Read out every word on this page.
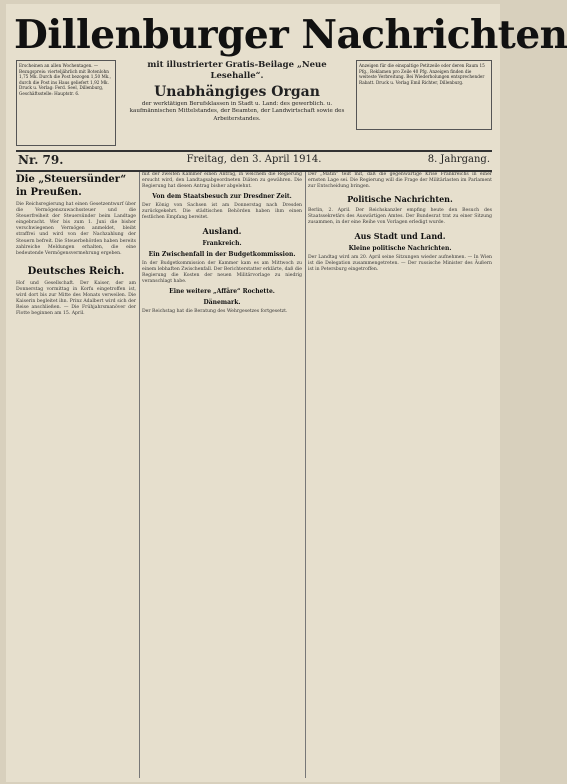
Dillenburger Nachrichten
Erscheinen an allen Wochentagen. — Bezugspreis: vierteljährlich mit Botenlohn 1,75 Mk. Durch die Post bezogen 1,50 Mk., durch die Post ins Haus geliefert 1,92 Mk. Druck u. Verlag: Ferd. Seel, Dillenburg, Geschäftsstelle: Hauptstr. 6.
mit illustrierter Gratis-Beilage „Neue Lesehalle“.
Unabhängiges Organ
der werktätigen Berufsklassen in Stadt u. Land: des gewerblich. u. kaufmännischen Mittelstandes, der Beamten, der Landwirtschaft sowie des Arbeiterstandes.
Anzeigen für die einspaltige Petitzeile oder deren Raum 15 Pfg., Reklamen pro Zeile 40 Pfg. Anzeigen finden die weiteste Verbreitung. Bei Wiederholungen entsprechender Rabatt. Druck u. Verlag Emil Richter, Dillenburg.
Freitag, den 3. April 1914.
Nr. 79.	8. Jahrgang.
Die „Steuersünder“ in Preußen.
Die Reichsregierung hat einen Gesetzentwurf über die Vermögenszuwachssteuer und die Steuerfreiheit der Steuersünder beim Landtage eingebracht. Wer bis zum 1. Juni die bisher verschwiegenen Vermögen anmeldet, bleibt straffrei und wird von der Nachzahlung der Steuern befreit. Die Steuerbehörden haben bereits zahlreiche Meldungen erhalten, die eine bedeutende Vermögensvermehrung ergeben.
Deutsches Reich.
Hof und Gesellschaft. Der Kaiser, der am Donnerstag vormittag in Korfu eingetroffen ist, wird dort bis zur Mitte des Monats verweilen. Die Kaiserin begleitet ihn. Prinz Adalbert wird sich der Reise anschließen. — Die Frühjahrsmanöver der Flotte beginnen am 15. April.
mit der zweiten Kammer einen Antrag, in welchem die Regierung ersucht wird, den Landtagsabgeordneten Diäten zu gewähren. Die Regierung hat diesen Antrag bisher abgelehnt.
Von dem Staatsbesuch zur Dresdner Zeit.
Der König von Sachsen ist am Donnerstag nach Dresden zurückgekehrt. Die städtischen Behörden haben ihm einen festlichen Empfang bereitet.
Ausland.
Frankreich.
Ein Zwischenfall in der Budgetkommission.
In der Budgetkommission der Kammer kam es am Mittwoch zu einem lebhaften Zwischenfall. Der Berichterstatter erklärte, daß die Regierung die Kosten der neuen Militärvorlage zu niedrig veranschlagt habe.
Eine weitere „Affäre“ Rochette.
Dänemark.
Der Reichstag hat die Beratung des Wehrgesetzes fortgesetzt.
Der „Matin“ teilt mit, daß die gegenwärtige Krise Frankreichs in einer ernsten Lage sei. Die Regierung will die Frage der Militärlasten im Parlament zur Entscheidung bringen.
Politische Nachrichten.
Berlin, 2. April. Der Reichskanzler empfing heute den Besuch des Staatssekretärs des Auswärtigen Amtes. Der Bundesrat trat zu einer Sitzung zusammen, in der eine Reihe von Vorlagen erledigt wurde.
Aus Stadt und Land.
Kleine politische Nachrichten.
Der Landtag wird am 20. April seine Sitzungen wieder aufnehmen. — In Wien ist die Delegation zusammengetreten. — Der russische Minister des Äußern ist in Petersburg eingetroffen.
